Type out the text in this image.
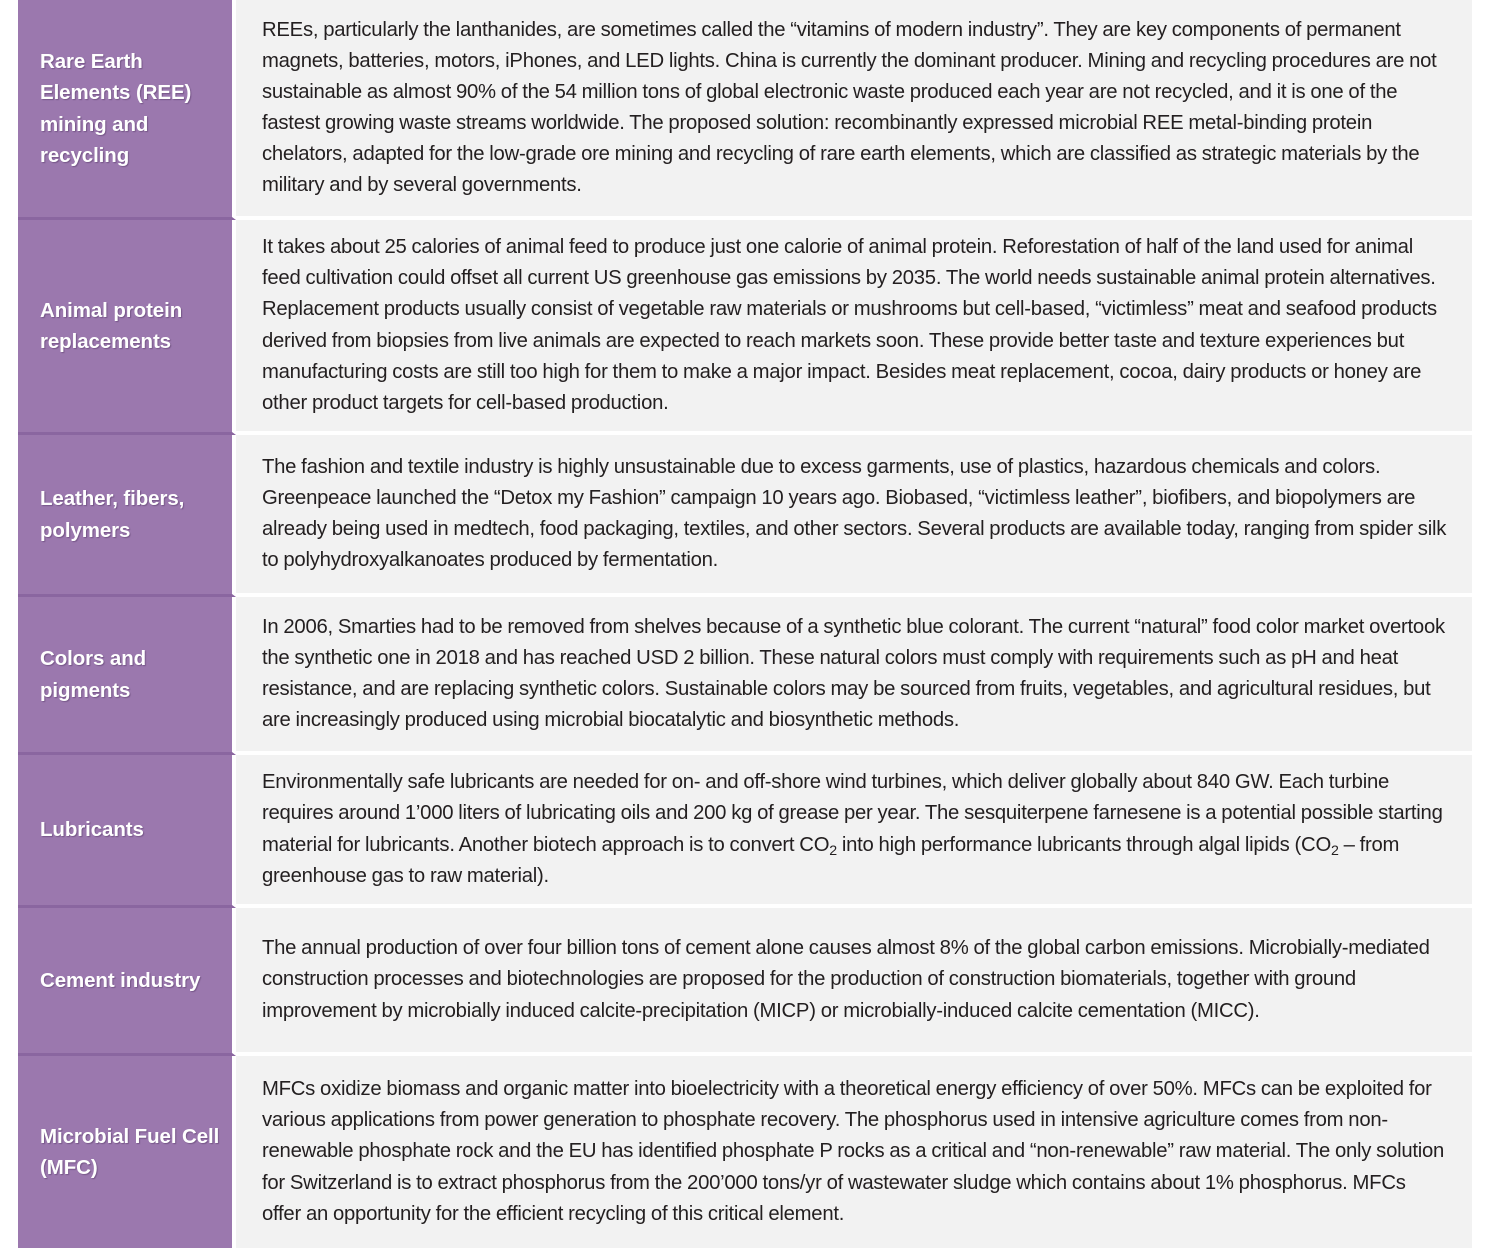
Rare Earth Elements (REE) mining and recycling	REEs, particularly the lanthanides, are sometimes called the “vitamins of modern industry”. They are key components of permanent magnets, batteries, motors, iPhones, and LED lights. China is currently the dominant producer. Mining and recycling procedures are not sustainable as almost 90% of the 54 million tons of global electronic waste produced each year are not recycled, and it is one of the fastest growing waste streams worldwide. The proposed solution: recombinantly expressed microbial REE metal-binding protein chelators, adapted for the low-grade ore mining and recycling of rare earth elements, which are classified as strategic materials by the military and by several governments.

Animal protein replacements	It takes about 25 calories of animal feed to produce just one calorie of animal protein. Reforestation of half of the land used for animal feed cultivation could offset all current US greenhouse gas emissions by 2035. The world needs sustainable animal protein alternatives. Replacement products usually consist of vegetable raw materials or mushrooms but cell-based, “victimless” meat and seafood products derived from biopsies from live animals are expected to reach markets soon. These provide better taste and texture experiences but manufacturing costs are still too high for them to make a major impact. Besides meat replacement, cocoa, dairy products or honey are other product targets for cell-based production.

Leather, fibers, polymers	The fashion and textile industry is highly unsustainable due to excess garments, use of plastics, hazardous chemicals and colors. Greenpeace launched the “Detox my Fashion” campaign 10 years ago. Biobased, “victimless leather”, biofibers, and biopolymers are already being used in medtech, food packaging, textiles, and other sectors. Several products are available today, ranging from spider silk to polyhydroxyalkanoates produced by fermentation.

Colors and pigments	In 2006, Smarties had to be removed from shelves because of a synthetic blue colorant. The current “natural” food color market overtook the synthetic one in 2018 and has reached USD 2 billion. These natural colors must comply with requirements such as pH and heat resistance, and are replacing synthetic colors. Sustainable colors may be sourced from fruits, vegetables, and agricultural residues, but are increasingly produced using microbial biocatalytic and biosynthetic methods.

Lubricants	Environmentally safe lubricants are needed for on- and off-shore wind turbines, which deliver globally about 840 GW. Each turbine requires around 1’000 liters of lubricating oils and 200 kg of grease per year. The sesquiterpene farnesene is a potential possible starting material for lubricants. Another biotech approach is to convert $CO_2$ into high performance lubricants through algal lipids ($CO_2$ – from greenhouse gas to raw material).

Cement industry	The annual production of over four billion tons of cement alone causes almost 8% of the global carbon emissions. Microbially-mediated construction processes and biotechnologies are proposed for the production of construction biomaterials, together with ground improvement by microbially induced calcite-precipitation (MICP) or microbially-induced calcite cementation (MICC).

Microbial Fuel Cell (MFC)	MFCs oxidize biomass and organic matter into bioelectricity with a theoretical energy efficiency of over 50%. MFCs can be exploited for various applications from power generation to phosphate recovery. The phosphorus used in intensive agriculture comes from non-renewable phosphate rock and the EU has identified phosphate P rocks as a critical and “non-renewable” raw material. The only solution for Switzerland is to extract phosphorus from the 200’000 tons/yr of wastewater sludge which contains about 1% phosphorus. MFCs offer an opportunity for the efficient recycling of this critical element.
